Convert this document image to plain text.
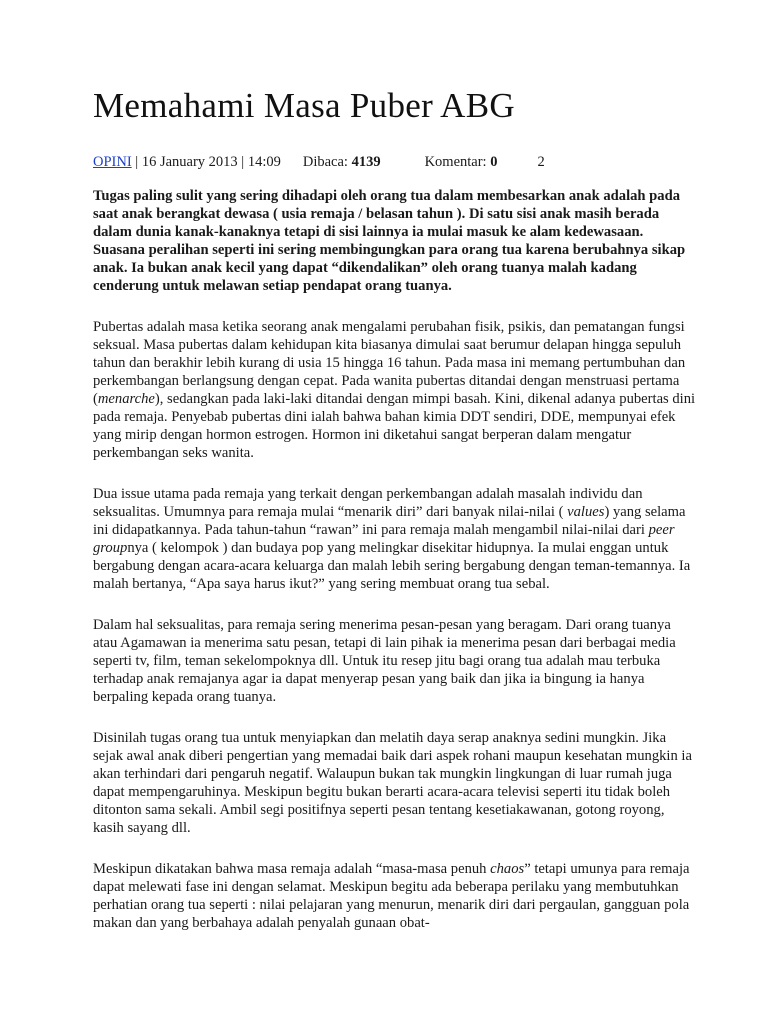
Memahami Masa Puber ABG
OPINI | 16 January 2013 | 14:09 Dibaca: 4139	Komentar: 0	2
Tugas paling sulit yang sering dihadapi oleh orang tua dalam membesarkan anak adalah pada saat anak berangkat dewasa ( usia remaja / belasan tahun ). Di satu sisi anak masih berada dalam dunia kanak-kanaknya tetapi di sisi lainnya ia mulai masuk ke alam kedewasaan. Suasana peralihan seperti ini sering membingungkan para orang tua karena berubahnya sikap anak. Ia bukan anak kecil yang dapat “dikendalikan” oleh orang tuanya malah kadang cenderung untuk melawan setiap pendapat orang tuanya.

Pubertas adalah masa ketika seorang anak mengalami perubahan fisik, psikis, dan pematangan fungsi seksual. Masa pubertas dalam kehidupan kita biasanya dimulai saat berumur delapan hingga sepuluh tahun dan berakhir lebih kurang di usia 15 hingga 16 tahun. Pada masa ini memang pertumbuhan dan perkembangan berlangsung dengan cepat. Pada wanita pubertas ditandai dengan menstruasi pertama (menarche), sedangkan pada laki-laki ditandai dengan mimpi basah. Kini, dikenal adanya pubertas dini pada remaja. Penyebab pubertas dini ialah bahwa bahan kimia DDT sendiri, DDE, mempunyai efek yang mirip dengan hormon estrogen. Hormon ini diketahui sangat berperan dalam mengatur perkembangan seks wanita.

Dua issue utama pada remaja yang terkait dengan perkembangan adalah masalah individu dan seksualitas. Umumnya para remaja mulai “menarik diri” dari banyak nilai-nilai ( values) yang selama ini didapatkannya. Pada tahun-tahun “rawan” ini para remaja malah mengambil nilai-nilai dari peer groupnya ( kelompok ) dan budaya pop yang melingkar disekitar hidupnya. Ia mulai enggan untuk bergabung dengan acara-acara keluarga dan malah lebih sering bergabung dengan teman-temannya. Ia malah bertanya, “Apa saya harus ikut?” yang sering membuat orang tua sebal.

Dalam hal seksualitas, para remaja sering menerima pesan-pesan yang beragam. Dari orang tuanya atau Agamawan ia menerima satu pesan, tetapi di lain pihak ia menerima pesan dari berbagai media seperti tv, film, teman sekelompoknya dll. Untuk itu resep jitu bagi orang tua adalah mau terbuka terhadap anak remajanya agar ia dapat menyerap pesan yang baik dan jika ia bingung ia hanya berpaling kepada orang tuanya.

Disinilah tugas orang tua untuk menyiapkan dan melatih daya serap anaknya sedini mungkin. Jika sejak awal anak diberi pengertian yang memadai baik dari aspek rohani maupun kesehatan mungkin ia akan terhindari dari pengaruh negatif. Walaupun bukan tak mungkin lingkungan di luar rumah juga dapat mempengaruhinya. Meskipun begitu bukan berarti acara-acara televisi seperti itu tidak boleh ditonton sama sekali. Ambil segi positifnya seperti pesan tentang kesetiakawanan, gotong royong, kasih sayang dll.

Meskipun dikatakan bahwa masa remaja adalah “masa-masa penuh chaos” tetapi umunya para remaja dapat melewati fase ini dengan selamat. Meskipun begitu ada beberapa perilaku yang membutuhkan perhatian orang tua seperti : nilai pelajaran yang menurun, menarik diri dari pergaulan, gangguan pola makan dan yang berbahaya adalah penyalah gunaan obat-
